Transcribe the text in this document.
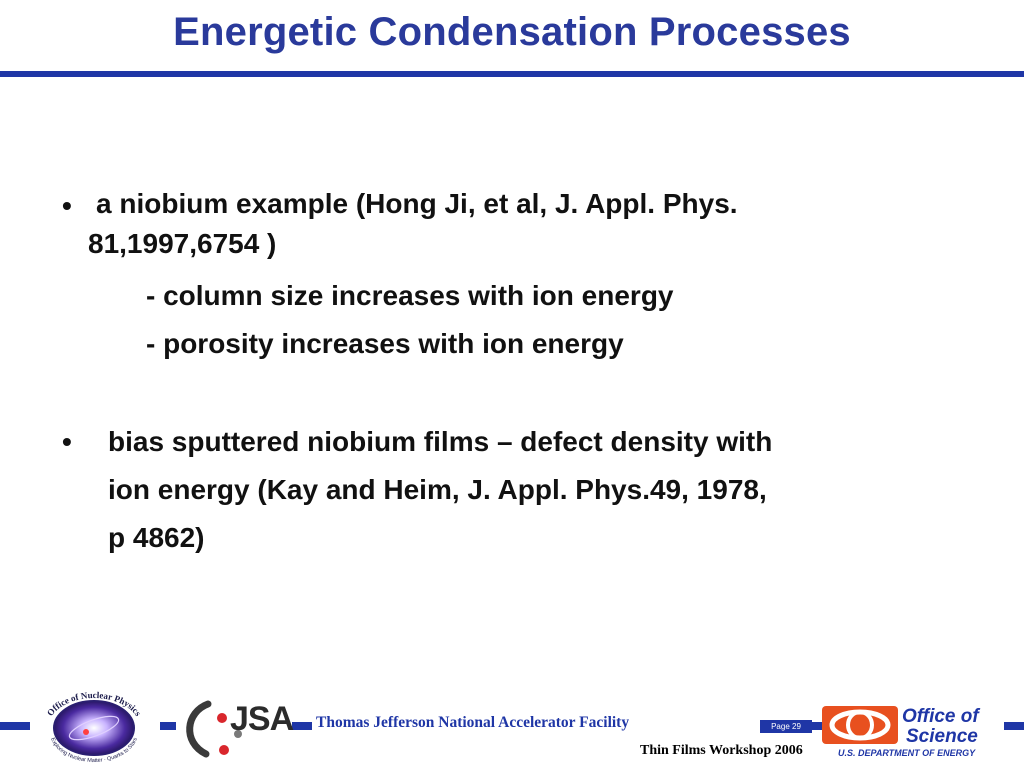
Energetic Condensation Processes
• a niobium example (Hong Ji, et al, J. Appl. Phys.
81,1997,6754 )
- column size increases with ion energy
- porosity increases with ion energy
• bias sputtered niobium films – defect density with
ion energy (Kay and Heim, J. Appl. Phys.49, 1978,
p 4862)
Thomas Jefferson National Accelerator Facility	Page 29
Thin Films Workshop 2006
Office of Nuclear Physics
Exploring Nuclear Matter · Quarks to Stars
JSA	Office of
Science
U.S. DEPARTMENT OF ENERGY
